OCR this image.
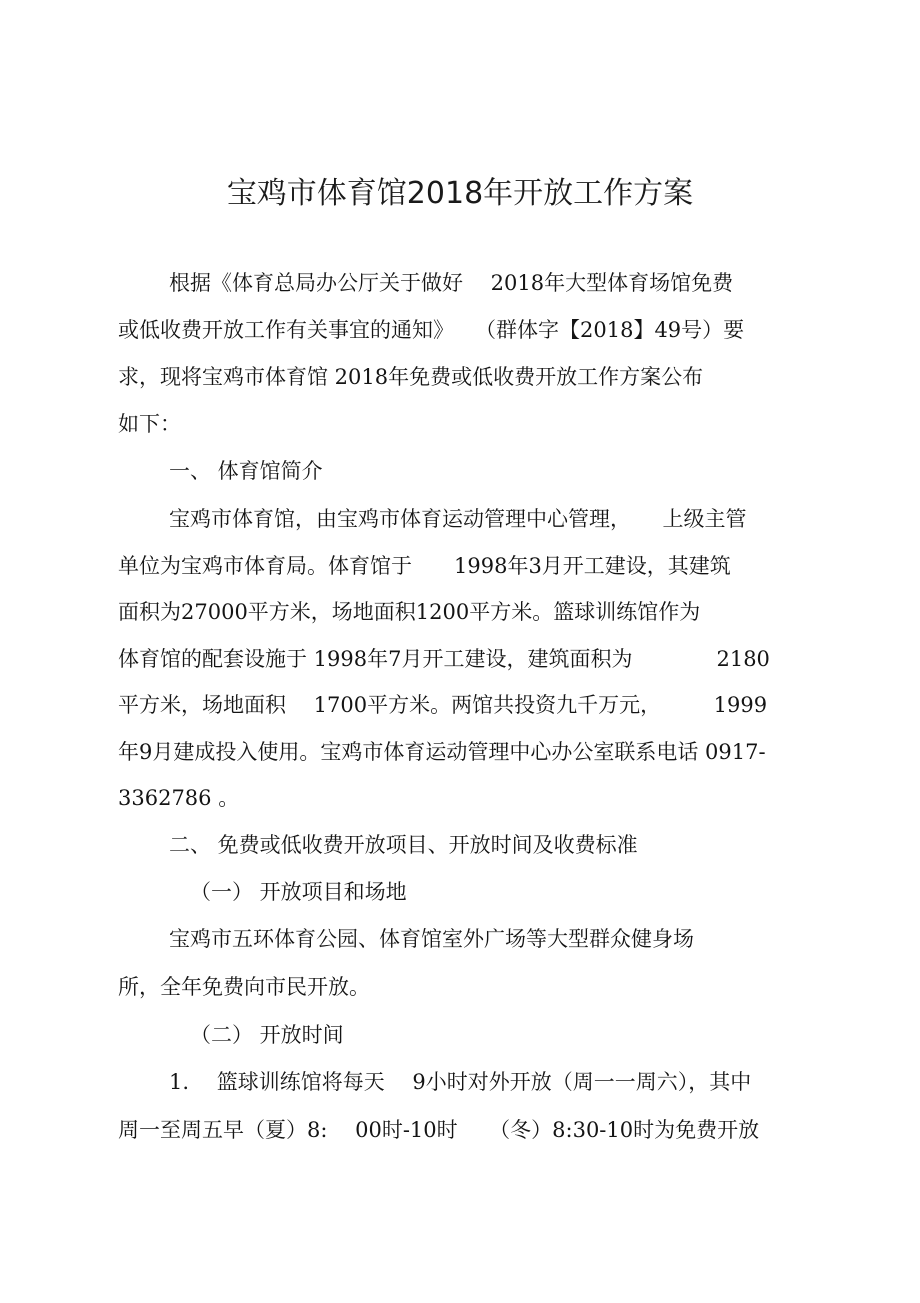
宝鸡市体育馆2018年开放工作方案
根据《体育总局办公厅关于做好　 2018年大型体育场馆免费
或低收费开放工作有关事宜的通知》　　（群体字【2018】49号）要
求，现将宝鸡市体育馆 2018年免费或低收费开放工作方案公布
如下：
一、 体育馆简介
宝鸡市体育馆，由宝鸡市体育运动管理中心管理，　　上级主管
单位为宝鸡市体育局。体育馆于　　1998年3月开工建设，其建筑
面积为27000平方米，场地面积1200平方米。篮球训练馆作为
体育馆的配套设施于 1998年7月开工建设，建筑面积为　　　　2180
平方米，场地面积　 1700平方米。两馆共投资九千万元，　　　1999
年9月建成投入使用。宝鸡市体育运动管理中心办公室联系电话 0917-
3362786 。
二、 免费或低收费开放项目、开放时间及收费标准
（一） 开放项目和场地
宝鸡市五环体育公园、体育馆室外广场等大型群众健身场
所，全年免费向市民开放。
（二） 开放时间
1.　 篮球训练馆将每天　 9小时对外开放（周一一周六），其中
周一至周五早（夏）8:　 00时-10时　　（冬）8:30-10时为免费开放
